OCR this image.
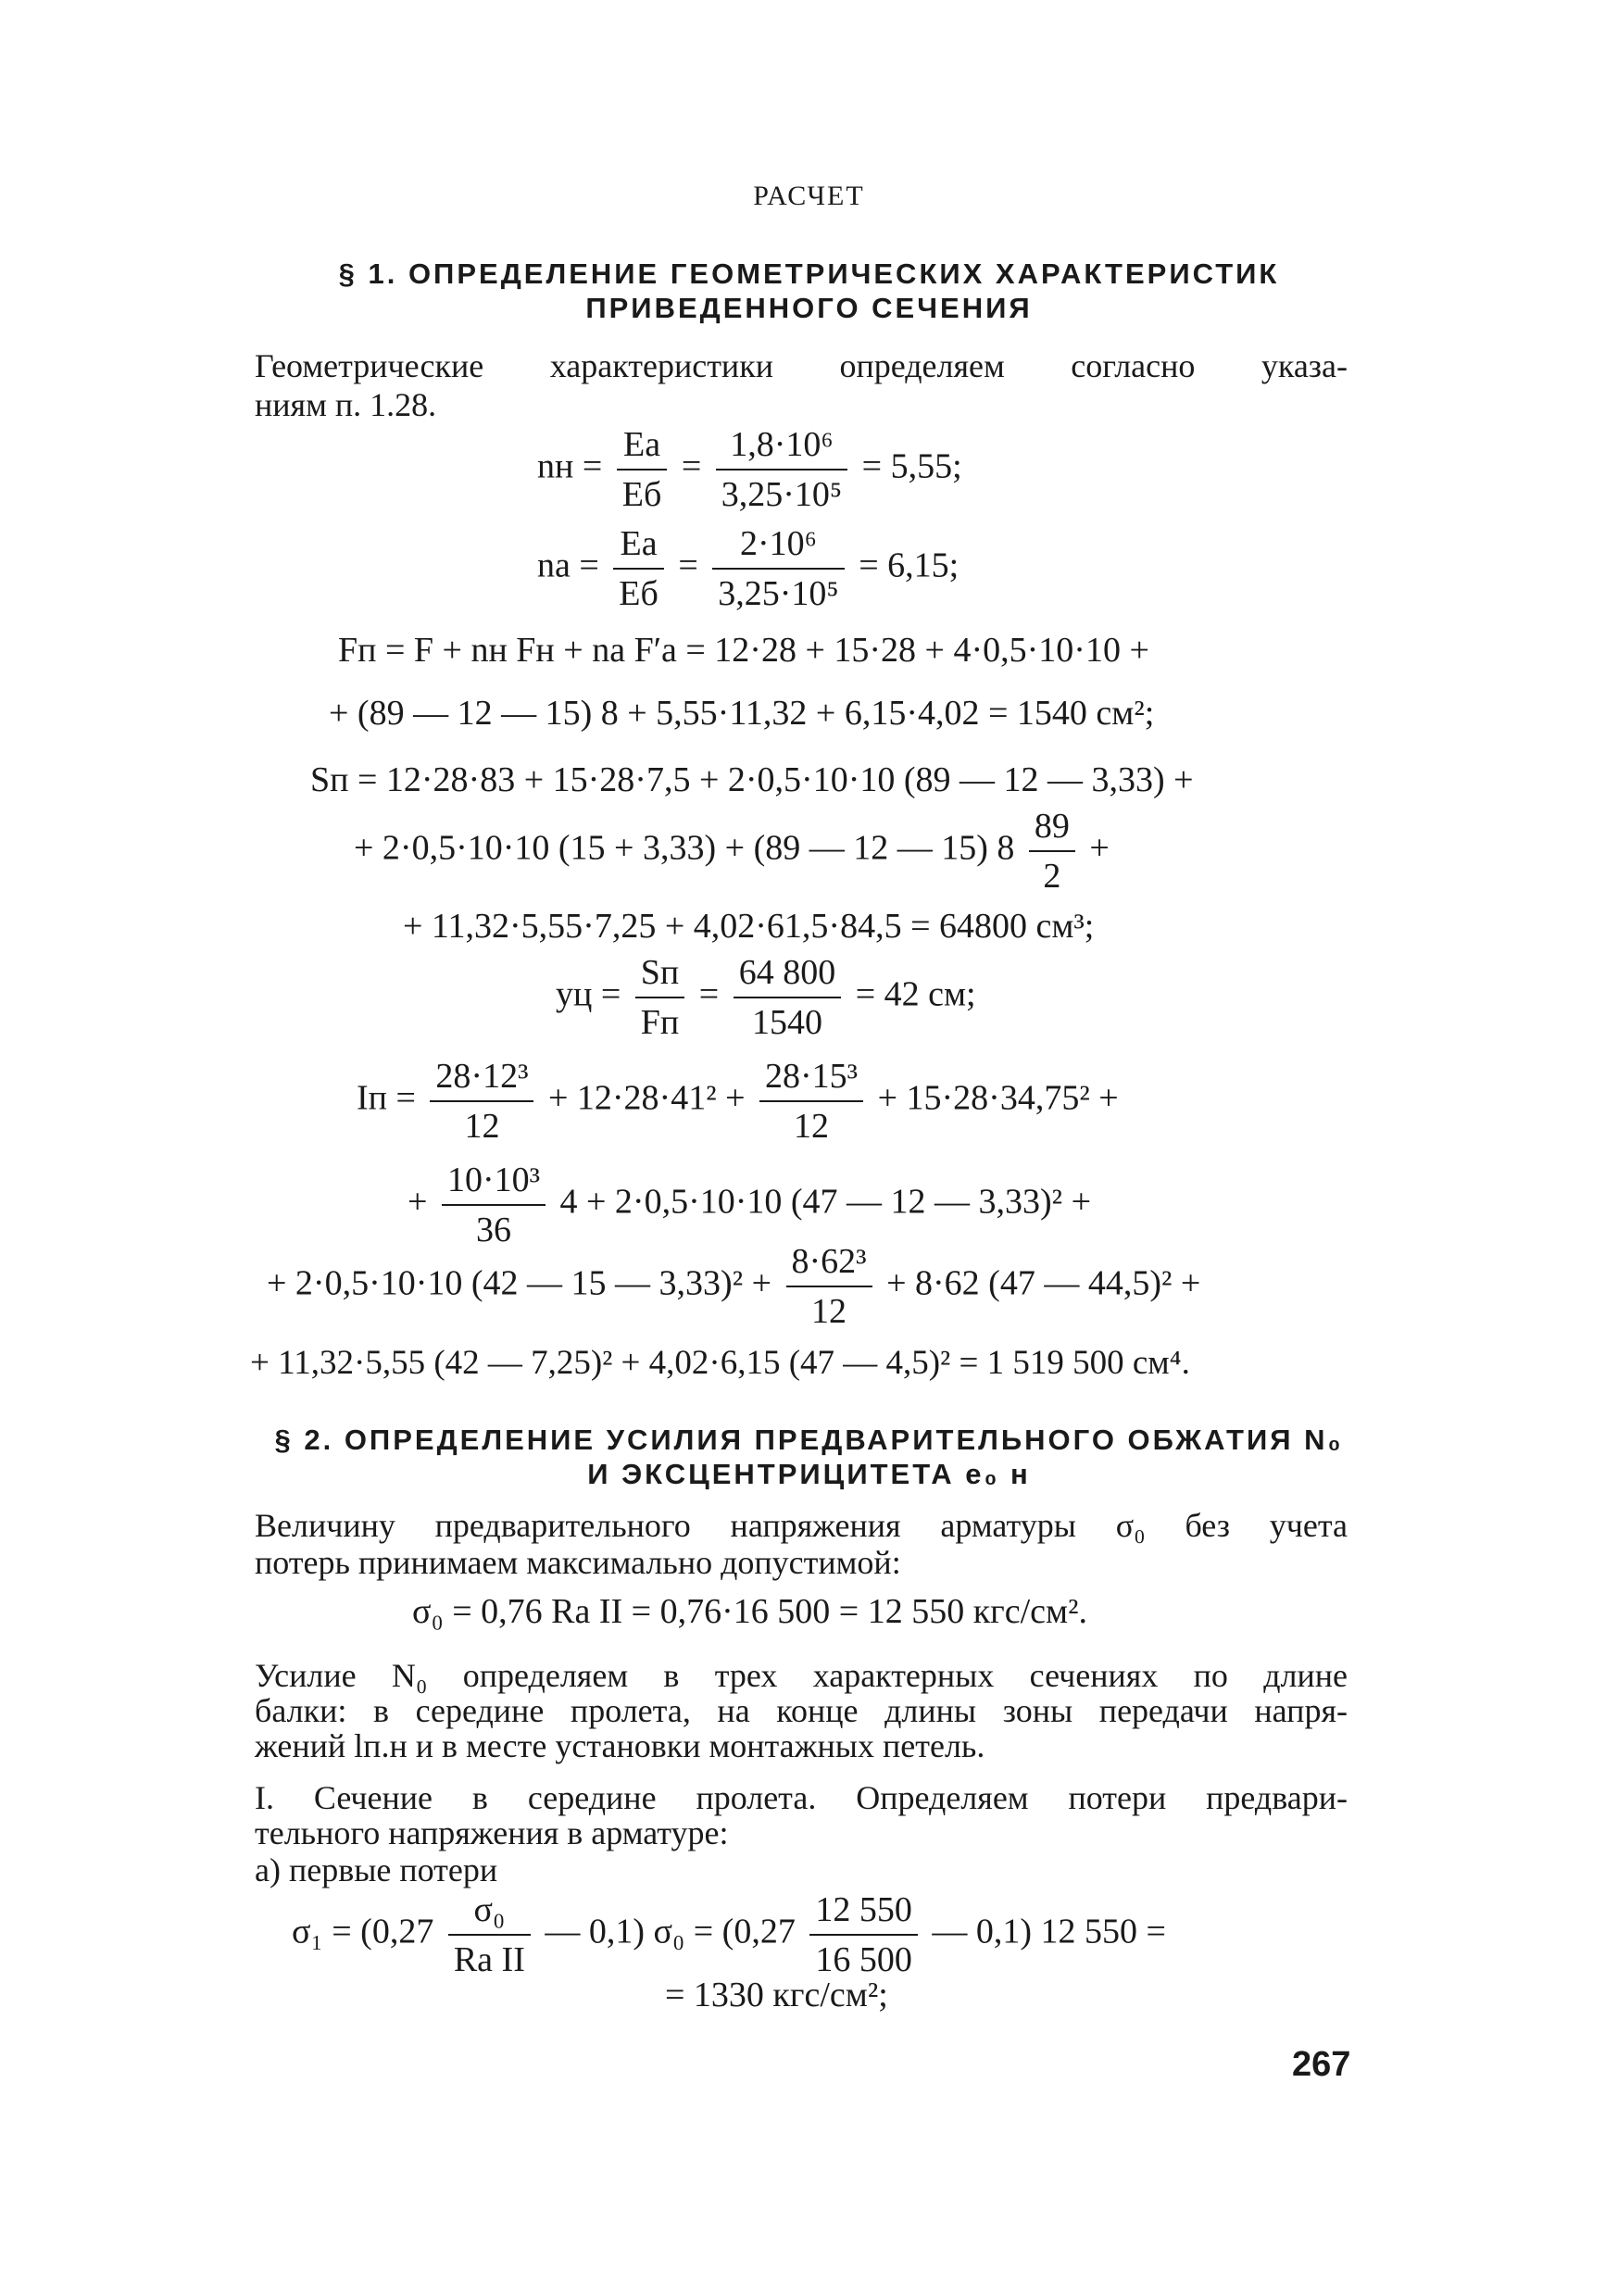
РАСЧЕТ
§ 1. ОПРЕДЕЛЕНИЕ ГЕОМЕТРИЧЕСКИХ ХАРАКТЕРИСТИК
ПРИВЕДЕННОГО СЕЧЕНИЯ
Геометрические характеристики определяем согласно указа-
ниям п. 1.28.
nн = $\frac{Eа}{Eб} = \frac{\text{1,8·10⁶}}{\text{3,25·10⁵}} = 5,55$;
nа = $\frac{Eа}{Eб} = \frac{\text{2·10⁶}}{\text{3,25·10⁵}} = 6,15$;
Fп = F + nн Fн + nа F′а = 12·28 + 15·28 + 4·0,5·10·10 +
+ (89 — 12 — 15) 8 + 5,55·11,32 + 6,15·4,02 = 1540 см²;
Sп = 12·28·83 + 15·28·7,5 + 2·0,5·10·10 (89 — 12 — 3,33) +
+ 2·0,5·10·10 (15 + 3,33) + (89 — 12 — 15) $8 \frac{89}{2}$ +
+ 11,32·5,55·7,25 + 4,02·61,5·84,5 = 64800 см³;
yц = $\frac{Sп}{Fп} = \frac{64 800}{1540} = 42$ см;
Iп = $\frac{\text{28·12³}}{12} + 12\cdot 28\cdot 41^2 + \frac{\text{28·15³}}{12} + 15\cdot 28\cdot 34,75^2$ +
+ $\frac{\text{10·10³}}{36} 4 + 2\cdot 0,5\cdot 10\cdot 10$ (47 — 12 — 3,33)² +
+ 2·0,5·10·10 (42 — 15 — $3,33)^2 + \frac{\text{8·62³}}{12} + 8\cdot 62$ (47 — 44,5)² +
+ 11,32·5,55 (42 — 7,25)² + 4,02·6,15 (47 — 4,5)² = 1 519 500 см⁴.
§ 2. ОПРЕДЕЛЕНИЕ УСИЛИЯ ПРЕДВАРИТЕЛЬНОГО ОБЖАТИЯ N₀
И ЭКСЦЕНТРИЦИТЕТА e₀ н
Величину предварительного напряжения арматуры σ₀ без учета
потерь принимаем максимально допустимой:
σ₀ = 0,76 Rа II = 0,76·16 500 = 12 550 кгс/см².
Усилие N₀ определяем в трех характерных сечениях по длине
балки: в середине пролета, на конце длины зоны передачи напря-
жений lп.н и в месте установки монтажных петель.
I. Сечение в середине пролета. Определяем потери предвари-
тельного напряжения в арматуре:
а) первые потери
$\sigma_1 = (0,27 \frac{\text{σ₀}}{\text{Rа II}}$ — 0,1) $\sigma_0 = (0,27 \frac{12 550}{16 500}$ — 0,1) 12 550 =
= 1330 кгс/см²;
267
